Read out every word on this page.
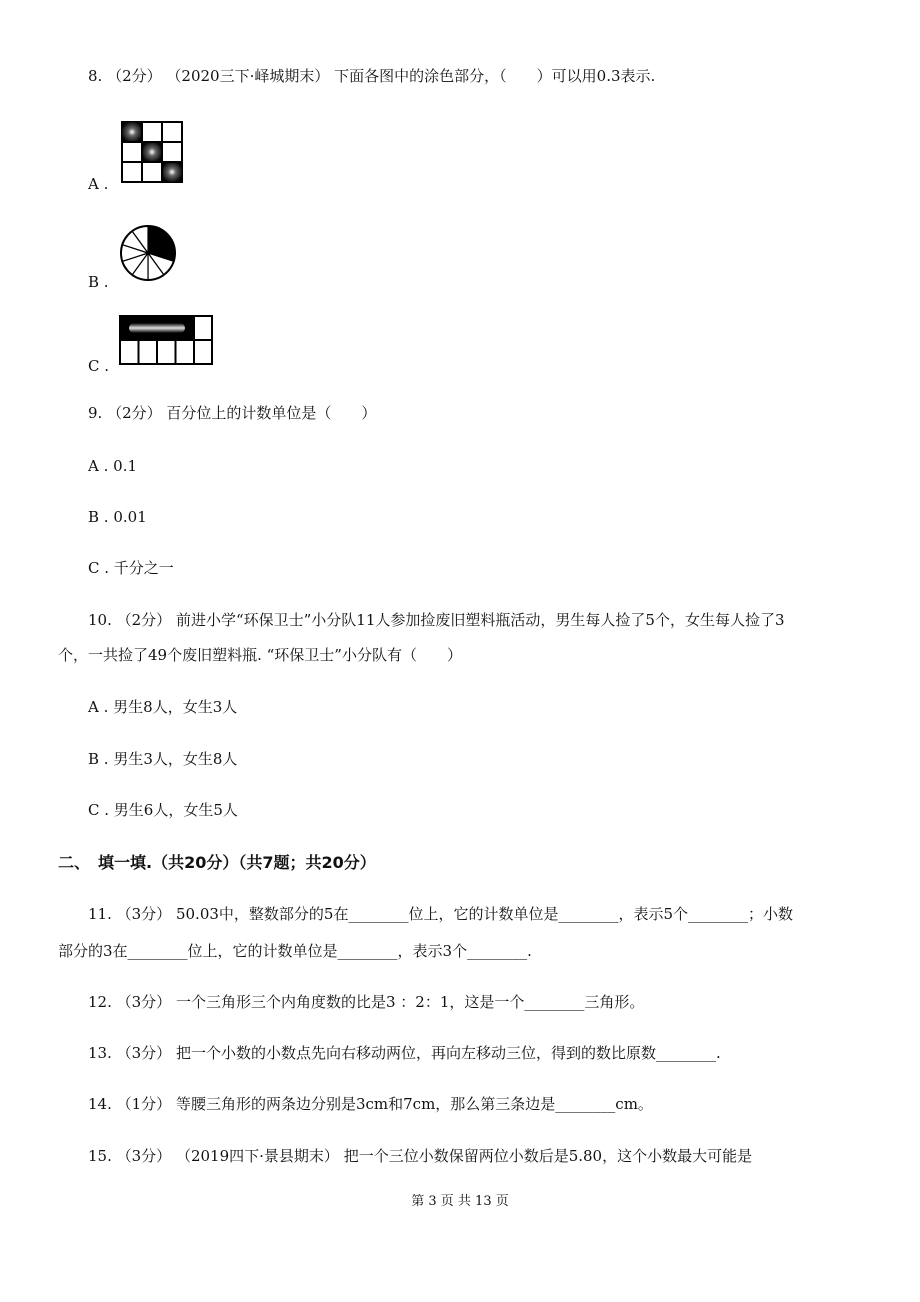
8. （2分） （2020三下·峄城期末） 下面各图中的涂色部分，（　　）可以用0.3表示.
A .
B .
C .
9. （2分） 百分位上的计数单位是（　　）
A . 0.1
B . 0.01
C . 千分之一
10. （2分） 前进小学“环保卫士”小分队11人参加捡废旧塑料瓶活动，男生每人捡了5个，女生每人捡了3
个，一共捡了49个废旧塑料瓶. “环保卫士”小分队有（　　）
A . 男生8人，女生3人
B . 男生3人，女生8人
C . 男生6人，女生5人
二、　填一填.（共20分）（共7题；共20分）
11. （3分） 50.03中，整数部分的5在________位上，它的计数单位是________，表示5个________；小数
部分的3在________位上，它的计数单位是________，表示3个________.
12. （3分） 一个三角形三个内角度数的比是3 ：2：1，这是一个________三角形。
13. （3分） 把一个小数的小数点先向右移动两位，再向左移动三位，得到的数比原数________.
14. （1分） 等腰三角形的两条边分别是3cm和7cm，那么第三条边是________cm。
15. （3分） （2019四下·景县期末） 把一个三位小数保留两位小数后是5.80，这个小数最大可能是
第 3 页 共 13 页
